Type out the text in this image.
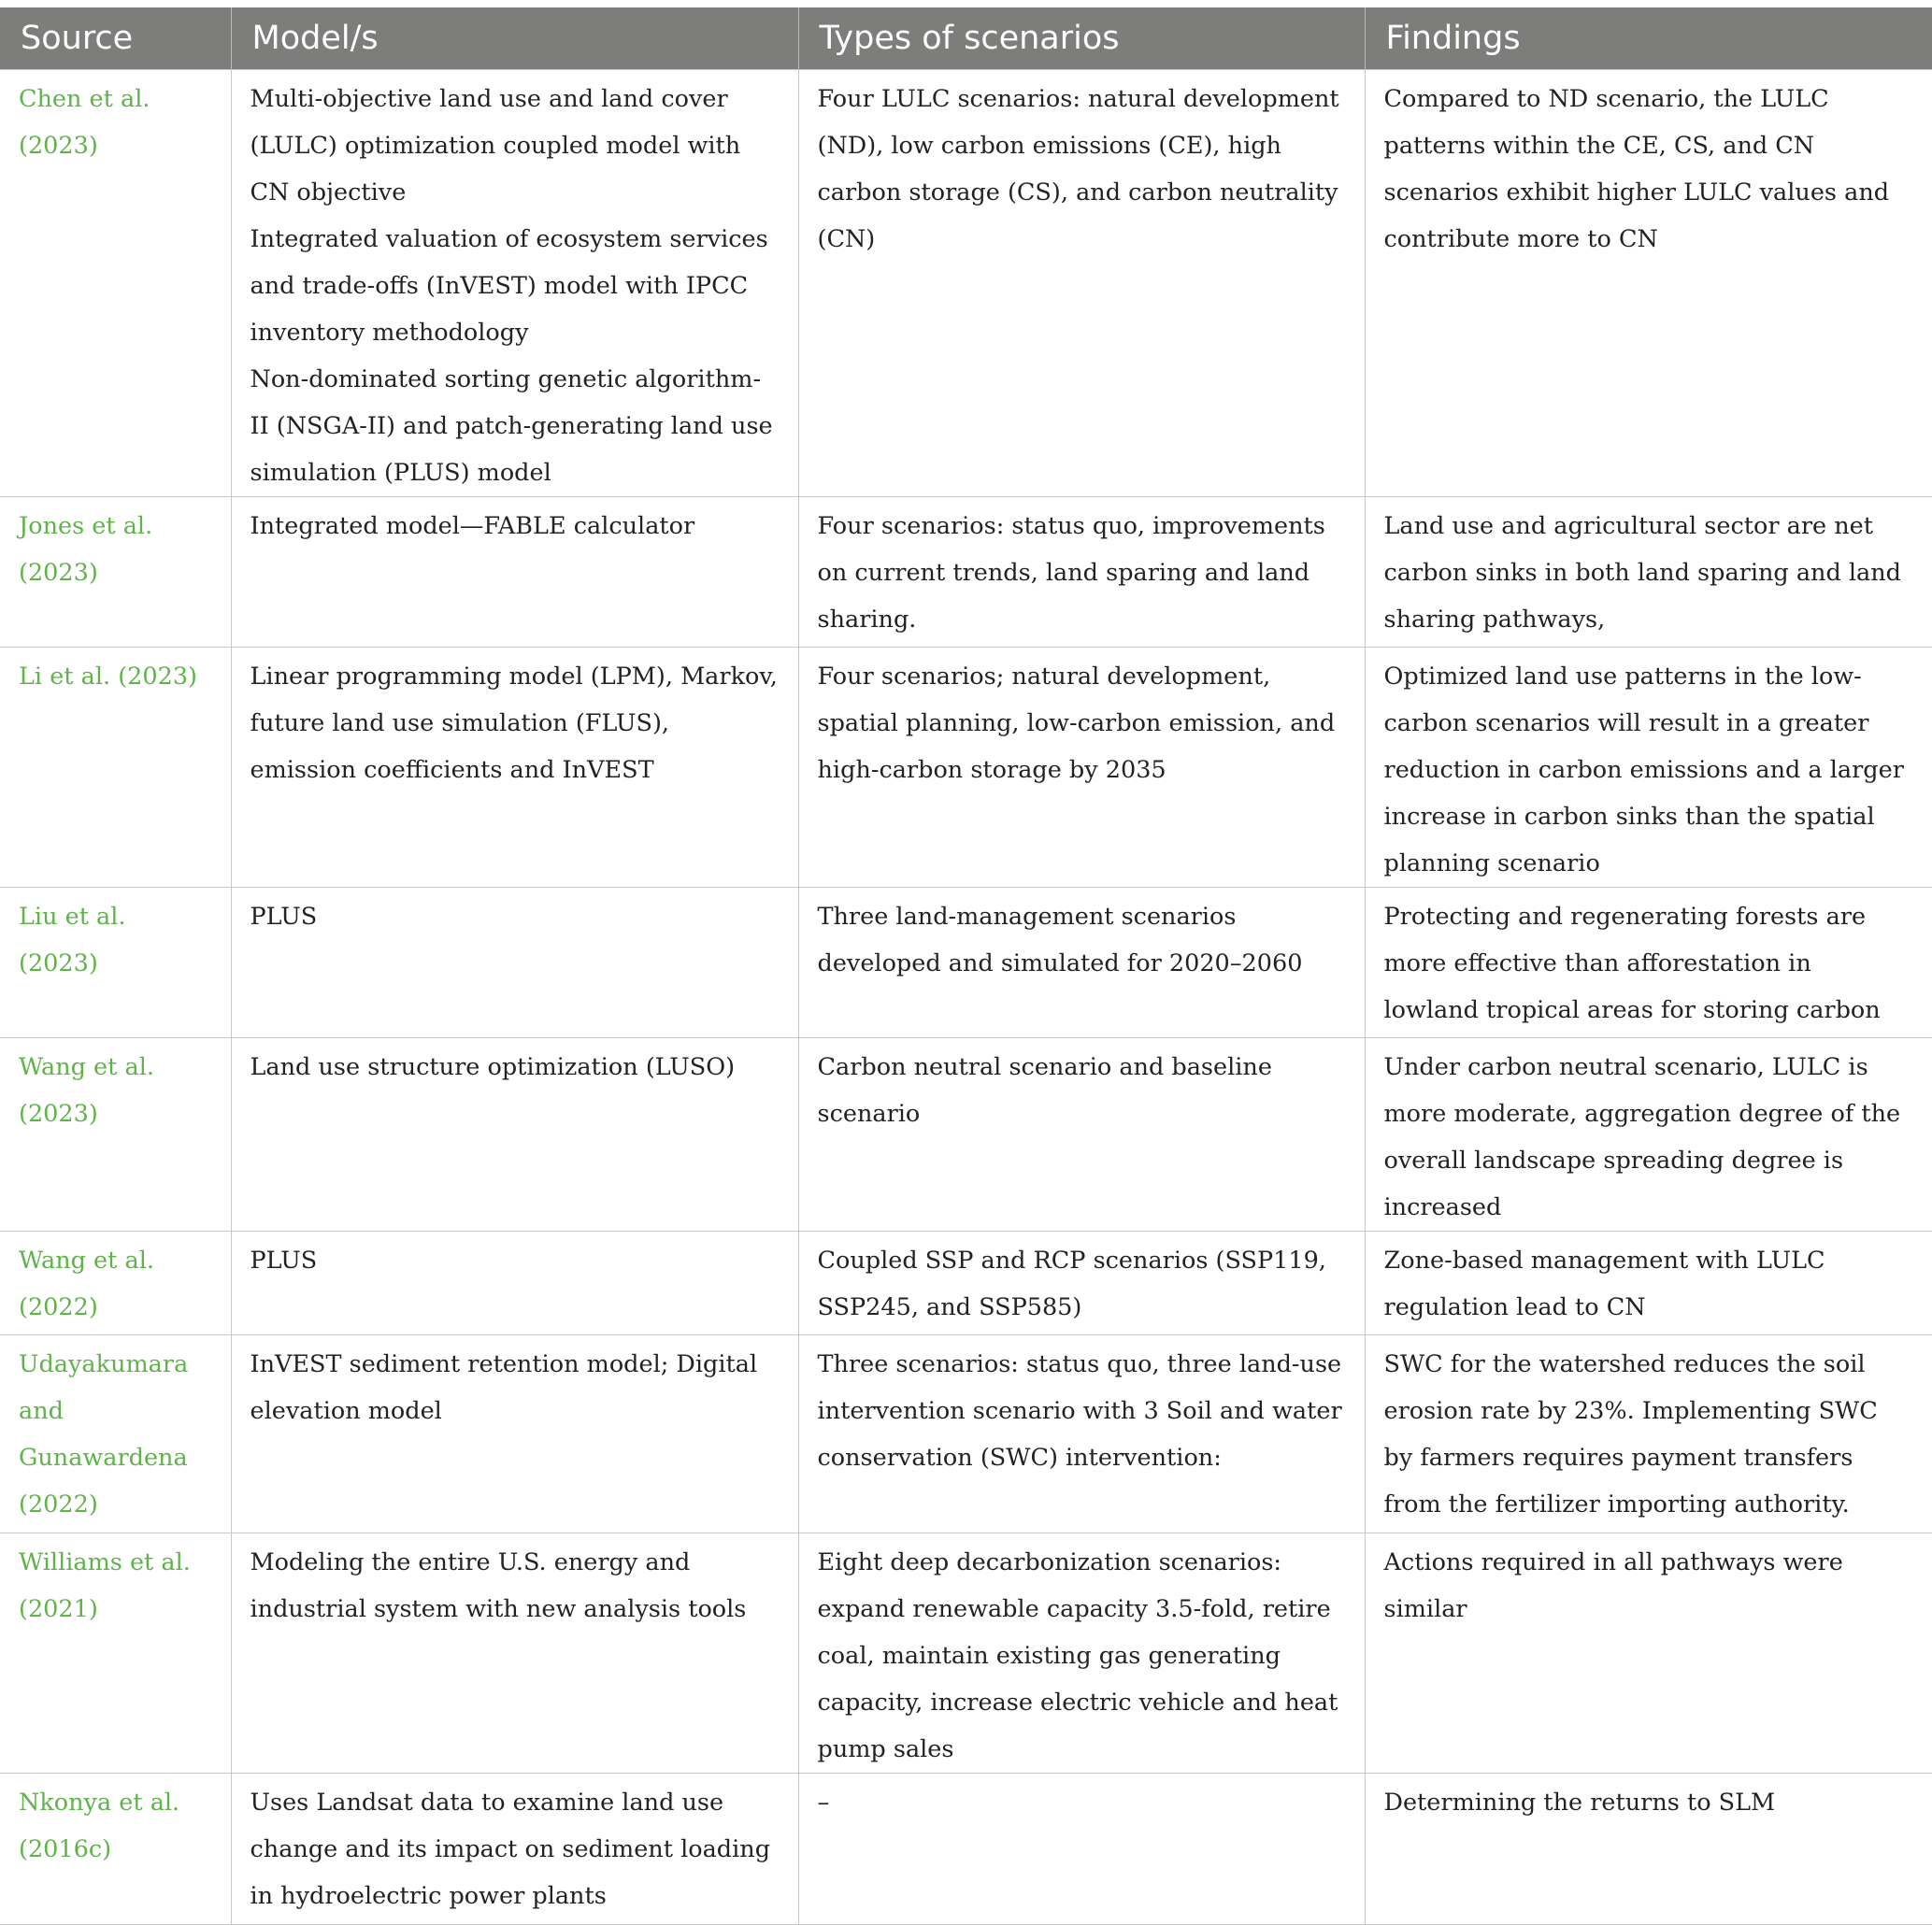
Source	Model/s	Types of scenarios	Findings
Chen et al. (2023)	Multi-objective land use and land cover (LULC) optimization coupled model with CN objective
Integrated valuation of ecosystem services and trade-offs (InVEST) model with IPCC inventory methodology
Non-dominated sorting genetic algorithm-II (NSGA-II) and patch-generating land use simulation (PLUS) model	Four LULC scenarios: natural development (ND), low carbon emissions (CE), high carbon storage (CS), and carbon neutrality (CN)	Compared to ND scenario, the LULC patterns within the CE, CS, and CN scenarios exhibit higher LULC values and contribute more to CN
Jones et al. (2023)	Integrated model—FABLE calculator	Four scenarios: status quo, improvements on current trends, land sparing and land sharing.	Land use and agricultural sector are net carbon sinks in both land sparing and land sharing pathways,
Li et al. (2023)	Linear programming model (LPM), Markov, future land use simulation (FLUS), emission coefficients and InVEST	Four scenarios; natural development, spatial planning, low-carbon emission, and high-carbon storage by 2035	Optimized land use patterns in the low-carbon scenarios will result in a greater reduction in carbon emissions and a larger increase in carbon sinks than the spatial planning scenario
Liu et al. (2023)	PLUS	Three land-management scenarios developed and simulated for 2020–2060	Protecting and regenerating forests are more effective than afforestation in lowland tropical areas for storing carbon
Wang et al. (2023)	Land use structure optimization (LUSO)	Carbon neutral scenario and baseline scenario	Under carbon neutral scenario, LULC is more moderate, aggregation degree of the overall landscape spreading degree is increased
Wang et al. (2022)	PLUS	Coupled SSP and RCP scenarios (SSP119, SSP245, and SSP585)	Zone-based management with LULC regulation lead to CN
Udayakumara and Gunawardena (2022)	InVEST sediment retention model; Digital elevation model	Three scenarios: status quo, three land-use intervention scenario with 3 Soil and water conservation (SWC) intervention:	SWC for the watershed reduces the soil erosion rate by 23%. Implementing SWC by farmers requires payment transfers from the fertilizer importing authority.
Williams et al. (2021)	Modeling the entire U.S. energy and industrial system with new analysis tools	Eight deep decarbonization scenarios: expand renewable capacity 3.5-fold, retire coal, maintain existing gas generating capacity, increase electric vehicle and heat pump sales	Actions required in all pathways were similar
Nkonya et al. (2016c)	Uses Landsat data to examine land use change and its impact on sediment loading in hydroelectric power plants	–	Determining the returns to SLM
